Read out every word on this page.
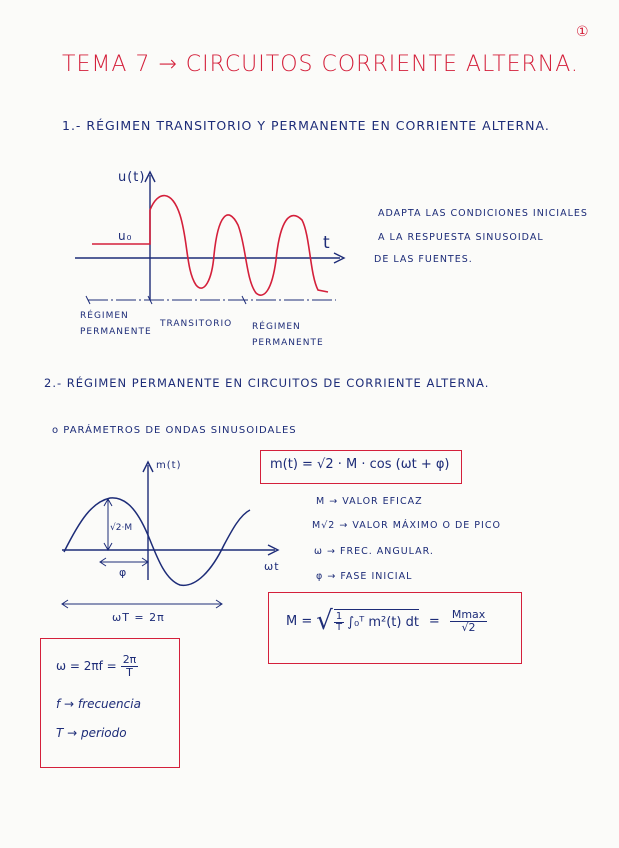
①
TEMA 7 → CIRCUITOS CORRIENTE ALTERNA.
1.- RÉGIMEN TRANSITORIO Y PERMANENTE EN CORRIENTE ALTERNA.
u(t)
t
u₀
RÉGIMEN PERMANENTE
TRANSITORIO RÉGIMEN PERMANENTE
ADAPTA LAS CONDICIONES INICIALES
A LA RESPUESTA SINUSOIDAL
DE LAS FUENTES.
2.- RÉGIMEN PERMANENTE EN CIRCUITOS DE CORRIENTE ALTERNA.
o PARÁMETROS DE ONDAS SINUSOIDALES
m(t) = √2 · M · cos (ωt + φ)
m(t)
ωt
√2·M
φ
ωT = 2π
M → VALOR EFICAZ
M√2 → VALOR MÁXIMO O DE PICO
ω → FREC. ANGULAR.
φ → FASE INICIAL
M = √ $\frac{1}{T}$ ∫₀ᵀ m²(t) dt = $\frac{Mmax}{√2}$
$\omega = 2\pi f = \frac{2\pi}{T}$
f → frecuencia
T → periodo
